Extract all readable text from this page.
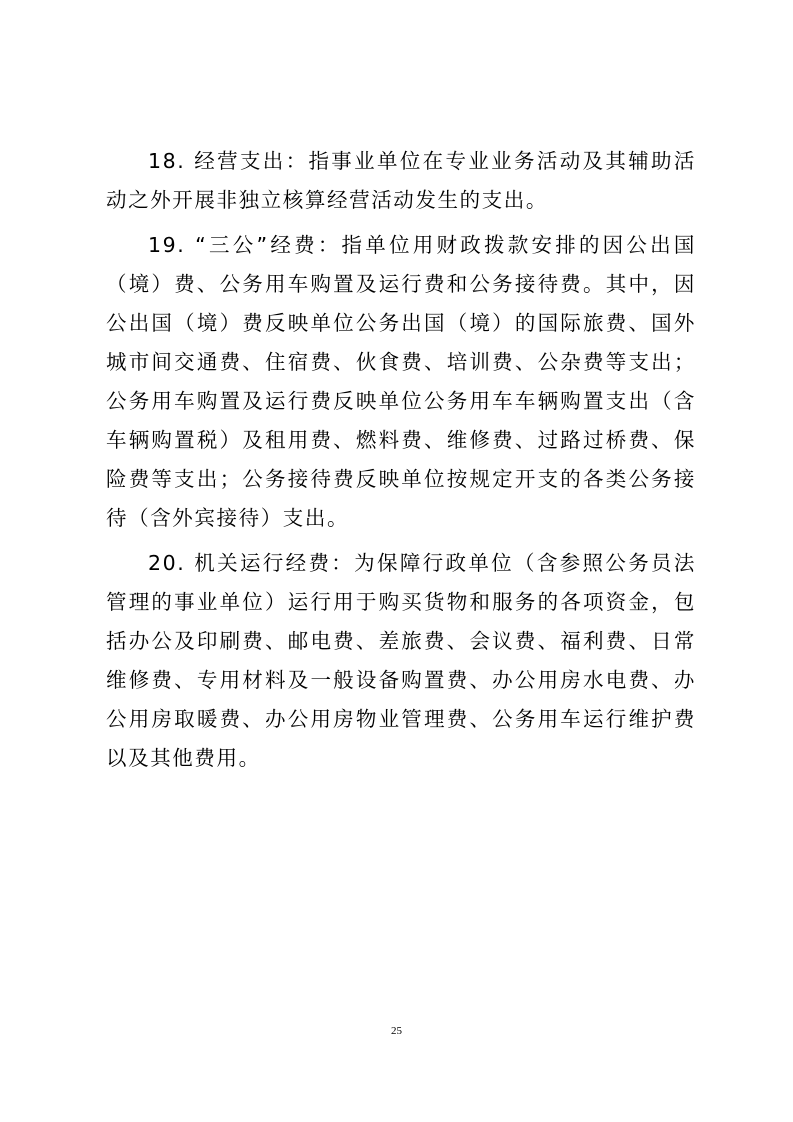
18. 经营支出：指事业单位在专业业务活动及其辅助活动之外开展非独立核算经营活动发生的支出。

19. “三公”经费：指单位用财政拨款安排的因公出国（境）费、公务用车购置及运行费和公务接待费。其中，因公出国（境）费反映单位公务出国（境）的国际旅费、国外城市间交通费、住宿费、伙食费、培训费、公杂费等支出；公务用车购置及运行费反映单位公务用车车辆购置支出（含车辆购置税）及租用费、燃料费、维修费、过路过桥费、保险费等支出；公务接待费反映单位按规定开支的各类公务接待（含外宾接待）支出。

20. 机关运行经费：为保障行政单位（含参照公务员法管理的事业单位）运行用于购买货物和服务的各项资金，包括办公及印刷费、邮电费、差旅费、会议费、福利费、日常维修费、专用材料及一般设备购置费、办公用房水电费、办公用房取暖费、办公用房物业管理费、公务用车运行维护费以及其他费用。

25
